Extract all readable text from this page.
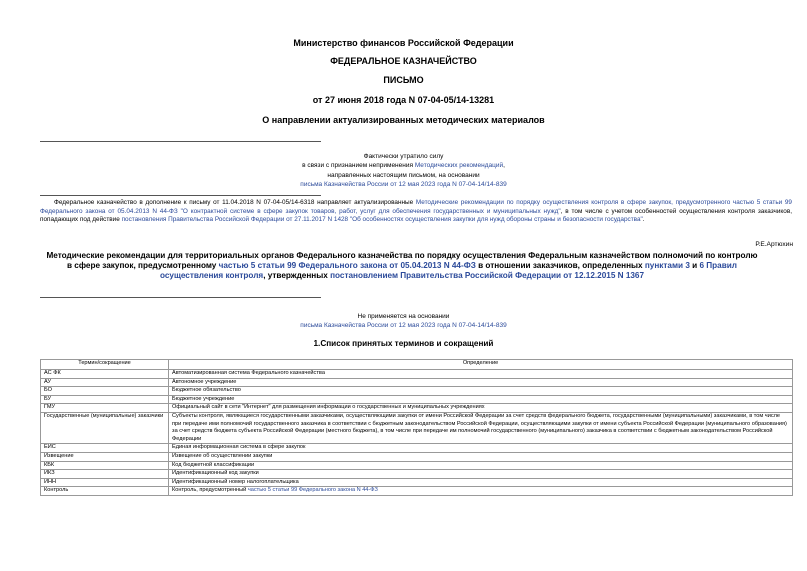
Министерство финансов Российской Федерации
ФЕДЕРАЛЬНОЕ КАЗНАЧЕЙСТВО
ПИСЬМО
от 27 июня 2018 года N 07-04-05/14-13281
О направлении актуализированных методических материалов
Фактически утратило силу
в связи с признанием неприменения Методических рекомендаций,
направленных настоящим письмом, на основании
письма Казначейства России от 12 мая 2023 года N 07-04-14/14-839
Федеральное казначейство в дополнение к письму от 11.04.2018 N 07-04-05/14-6318 направляет актуализированные Методические рекомендации по порядку осуществления контроля в сфере закупок, предусмотренного частью 5 статьи 99 Федерального закона от 05.04.2013 N 44-ФЗ "О контрактной системе в сфере закупок товаров, работ, услуг для обеспечения государственных и муниципальных нужд", в том числе с учетом особенностей осуществления контроля заказчиков, попадающих под действие постановления Правительства Российской Федерации от 27.11.2017 N 1428 "Об особенностях осуществления закупки для нужд обороны страны и безопасности государства".
Р.Е.Артюхин
Методические рекомендации для территориальных органов Федерального казначейства по порядку осуществления Федеральным казначейством полномочий по контролю в сфере закупок, предусмотренному частью 5 статьи 99 Федерального закона от 05.04.2013 N 44-ФЗ в отношении заказчиков, определенных пунктами 3 и 6 Правил осуществления контроля, утвержденных постановлением Правительства Российской Федерации от 12.12.2015 N 1367
Не применяется на основании
письма Казначейства России от 12 мая 2023 года N 07-04-14/14-839
1.Список принятых терминов и сокращений
Термин/сокращение	Определение
АС ФК	Автоматизированная система Федерального казначейства
АУ	Автономное учреждение
БО	Бюджетное обязательство
БУ	Бюджетное учреждение
ГМУ	Официальный сайт в сети "Интернет" для размещения информации о государственных и муниципальных учреждениях
Государственные (муниципальные) заказчики	Субъекты контроля, являющиеся государственными заказчиками, осуществляющими закупки от имени Российской Федерации за счет средств федерального бюджета, государственными (муниципальными) заказчиками, в том числе при передаче ими полномочий государственного заказчика в соответствии с бюджетным законодательством Российской Федерации, осуществляющими закупки от имени субъекта Российской Федерации (муниципального образования) за счет средств бюджета субъекта Российской Федерации (местного бюджета), в том числе при передаче им полномочий государственного (муниципального) заказчика в соответствии с бюджетным законодательством Российской Федерации
ЕИС	Единая информационная система в сфере закупок
Извещение	Извещение об осуществлении закупки
КБК	Код бюджетной классификации
ИКЗ	Идентификационный код закупки
ИНН	Идентификационный номер налогоплательщика
Контроль	Контроль, предусмотренный частью 5 статьи 99 Федерального закона N 44-ФЗ
